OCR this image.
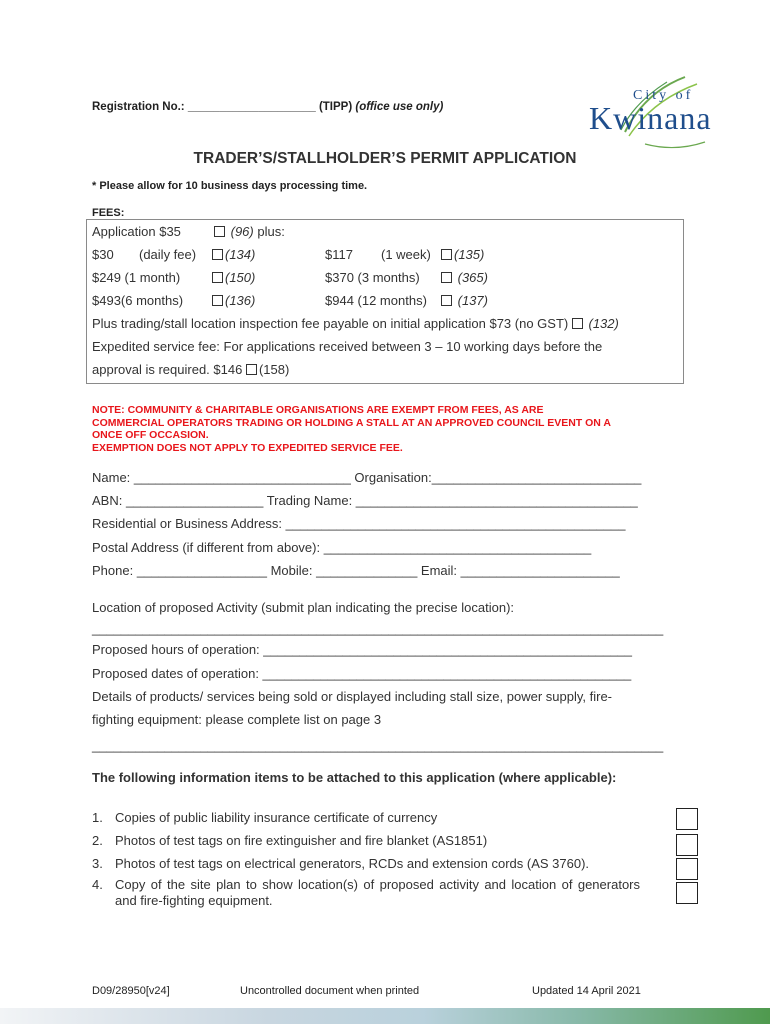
Registration No.: ____________________ (TIPP) (office use only)
City of
Kwinana
TRADER’S/STALLHOLDER’S PERMIT APPLICATION
* Please allow for 10 business days processing time.
FEES:
Application $35	(96) plus:
$30 (daily fee)	(134)	$117 (1 week)	(135)
$249 (1 month)	(150)	$370 (3 months)	(365)
$493(6 months)	(136)	$944 (12 months)	(137)
Plus trading/stall location inspection fee payable on initial application $73 (no GST) (132)
Expedited service fee: For applications received between 3 – 10 working days before the
approval is required. $146 (158)
NOTE: COMMUNITY & CHARITABLE ORGANISATIONS ARE EXEMPT FROM FEES, AS ARE
COMMERCIAL OPERATORS TRADING OR HOLDING A STALL AT AN APPROVED COUNCIL EVENT ON A
ONCE OFF OCCASION.
EXEMPTION DOES NOT APPLY TO EXPEDITED SERVICE FEE.
Name: ______________________________ Organisation:_____________________________
ABN: ___________________ Trading Name: _______________________________________
Residential or Business Address: _______________________________________________
Postal Address (if different from above): _____________________________________
Phone: __________________ Mobile: ______________ Email: ______________________
Location of proposed Activity (submit plan indicating the precise location):
_______________________________________________________________________________
Proposed hours of operation: ___________________________________________________
Proposed dates of operation: ___________________________________________________
Details of products/ services being sold or displayed including stall size, power supply, fire-
fighting equipment: please complete list on page 3
_______________________________________________________________________________
The following information items to be attached to this application (where applicable):
1. Copies of public liability insurance certificate of currency
2. Photos of test tags on fire extinguisher and fire blanket (AS1851)
3. Photos of test tags on electrical generators, RCDs and extension cords (AS 3760).
4. Copy of the site plan to show location(s) of proposed activity and location of generators and fire-fighting equipment.
D09/28950[v24]	Uncontrolled document when printed	Updated 14 April 2021
